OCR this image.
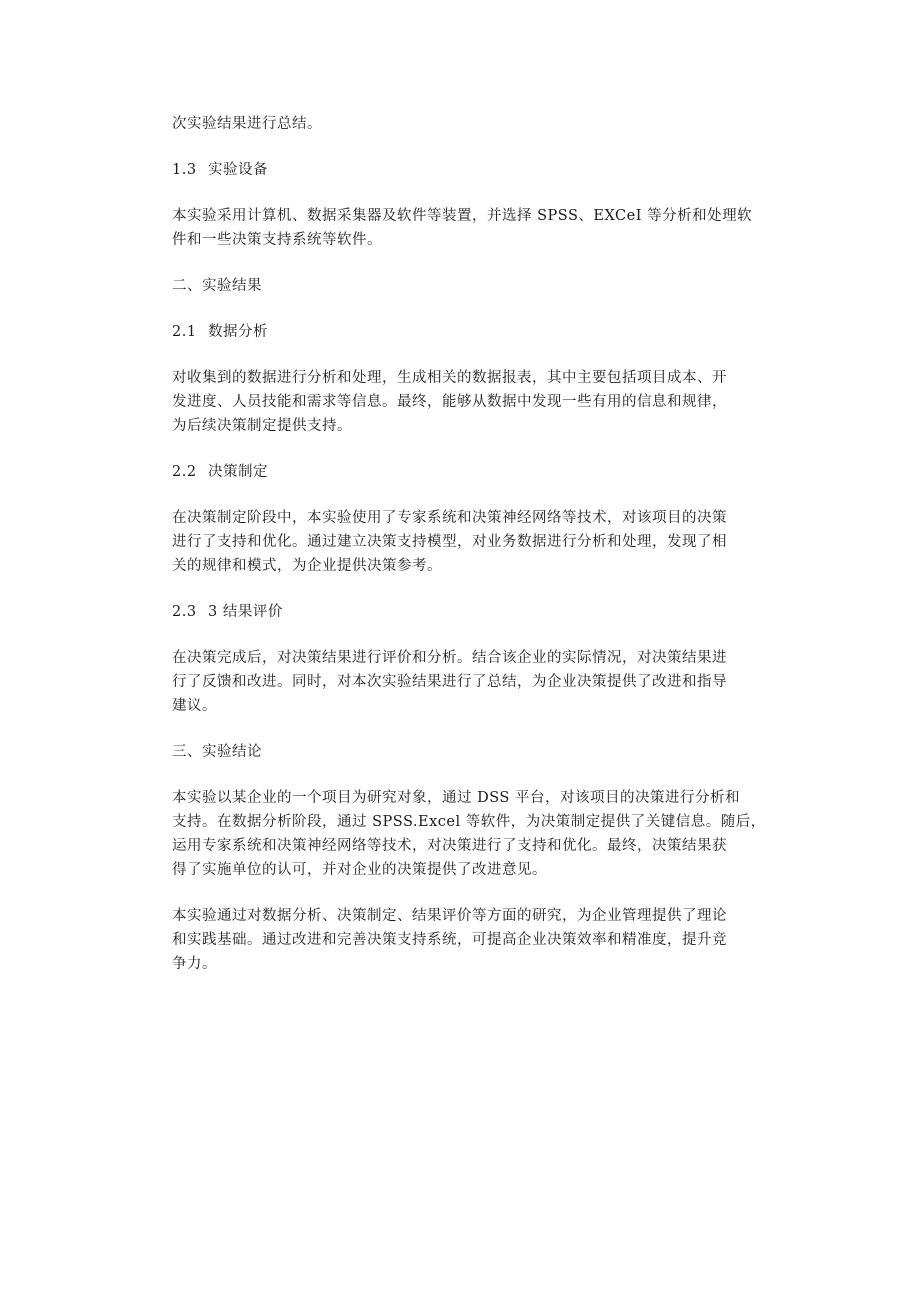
次实验结果进行总结。

1.3 实验设备

本实验采用计算机、数据采集器及软件等装置，并选择 SPSS、EXCeI 等分析和处理软
件和一些决策支持系统等软件。

二、实验结果
2.1 数据分析

对收集到的数据进行分析和处理，生成相关的数据报表，其中主要包括项目成本、开
发进度、人员技能和需求等信息。最终，能够从数据中发现一些有用的信息和规律，
为后续决策制定提供支持。

2.2 决策制定

在决策制定阶段中，本实验使用了专家系统和决策神经网络等技术，对该项目的决策
进行了支持和优化。通过建立决策支持模型，对业务数据进行分析和处理，发现了相
关的规律和模式，为企业提供决策参考。

2.3 3 结果评价

在决策完成后，对决策结果进行评价和分析。结合该企业的实际情况，对决策结果进
行了反馈和改进。同时，对本次实验结果进行了总结，为企业决策提供了改进和指导
建议。

三、实验结论

本实验以某企业的一个项目为研究对象，通过 DSS 平台，对该项目的决策进行分析和
支持。在数据分析阶段，通过 SPSS.Excel 等软件，为决策制定提供了关键信息。随后，
运用专家系统和决策神经网络等技术，对决策进行了支持和优化。最终，决策结果获
得了实施单位的认可，并对企业的决策提供了改进意见。

本实验通过对数据分析、决策制定、结果评价等方面的研究，为企业管理提供了理论
和实践基础。通过改进和完善决策支持系统，可提高企业决策效率和精准度，提升竞
争力。
